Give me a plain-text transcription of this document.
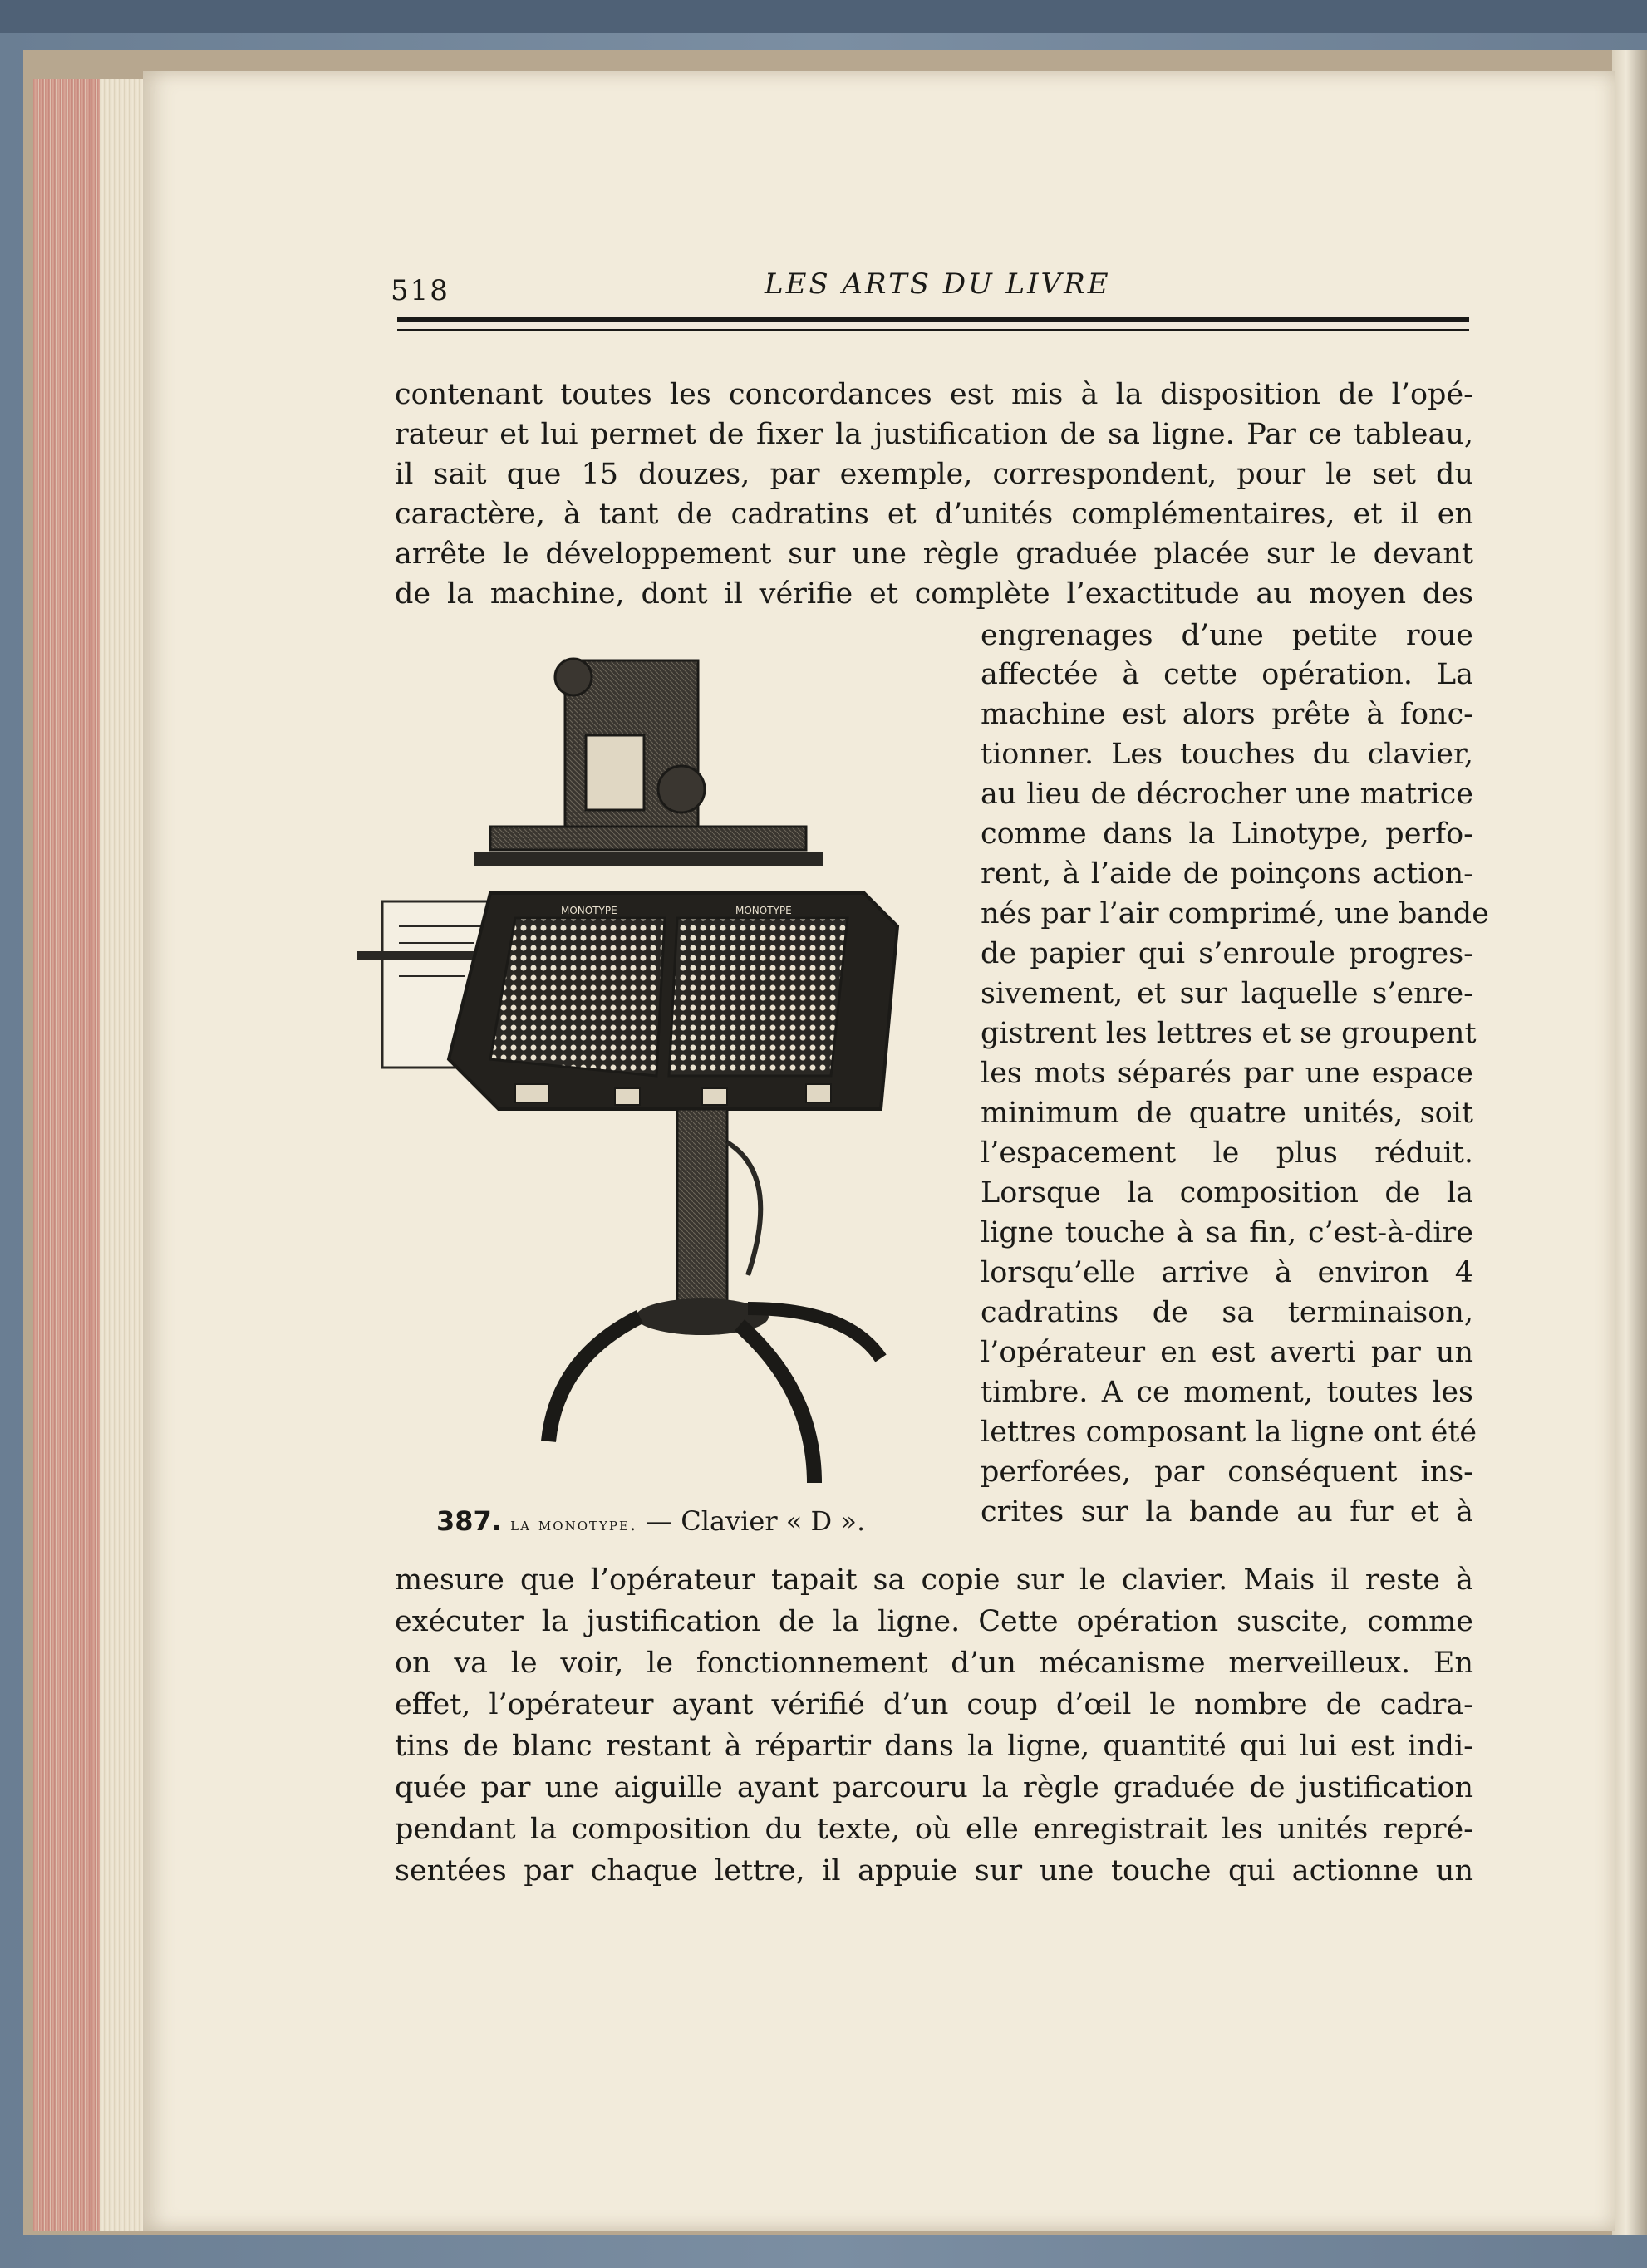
518	LES ARTS DU LIVRE
contenant toutes les concordances est mis à la disposition de l’opé-
rateur et lui permet de fixer la justification de sa ligne. Par ce tableau,
il sait que 15 douzes, par exemple, correspondent, pour le set du
caractère, à tant de cadratins et d’unités complémentaires, et il en
arrête le développement sur une règle graduée placée sur le devant
de la machine, dont il vérifie et complète l’exactitude au moyen des
engrenages d’une petite roue
affectée à cette opération. La
machine est alors prête à fonc-
tionner. Les touches du clavier,
au lieu de décrocher une matrice
comme dans la Linotype, perfo-
rent, à l’aide de poinçons action-
nés par l’air comprimé, une bande
de papier qui s’enroule progres-
sivement, et sur laquelle s’enre-
gistrent les lettres et se groupent
les mots séparés par une espace
minimum de quatre unités, soit
l’espacement le plus réduit.
Lorsque la composition de la
ligne touche à sa fin, c’est-à-dire
lorsqu’elle arrive à environ 4
cadratins de sa terminaison,
l’opérateur en est averti par un
timbre. A ce moment, toutes les
lettres composant la ligne ont été
perforées, par conséquent ins-
crites sur la bande au fur et à
mesure que l’opérateur tapait sa copie sur le clavier. Mais il reste à
exécuter la justification de la ligne. Cette opération suscite, comme
on va le voir, le fonctionnement d’un mécanisme merveilleux. En
effet, l’opérateur ayant vérifié d’un coup d’œil le nombre de cadra-
tins de blanc restant à répartir dans la ligne, quantité qui lui est indi-
quée par une aiguille ayant parcouru la règle graduée de justification
pendant la composition du texte, où elle enregistrait les unités repré-
sentées par chaque lettre, il appuie sur une touche qui actionne un
MONOTYPE	MONOTYPE
387. la monotype. — Clavier « D ».
